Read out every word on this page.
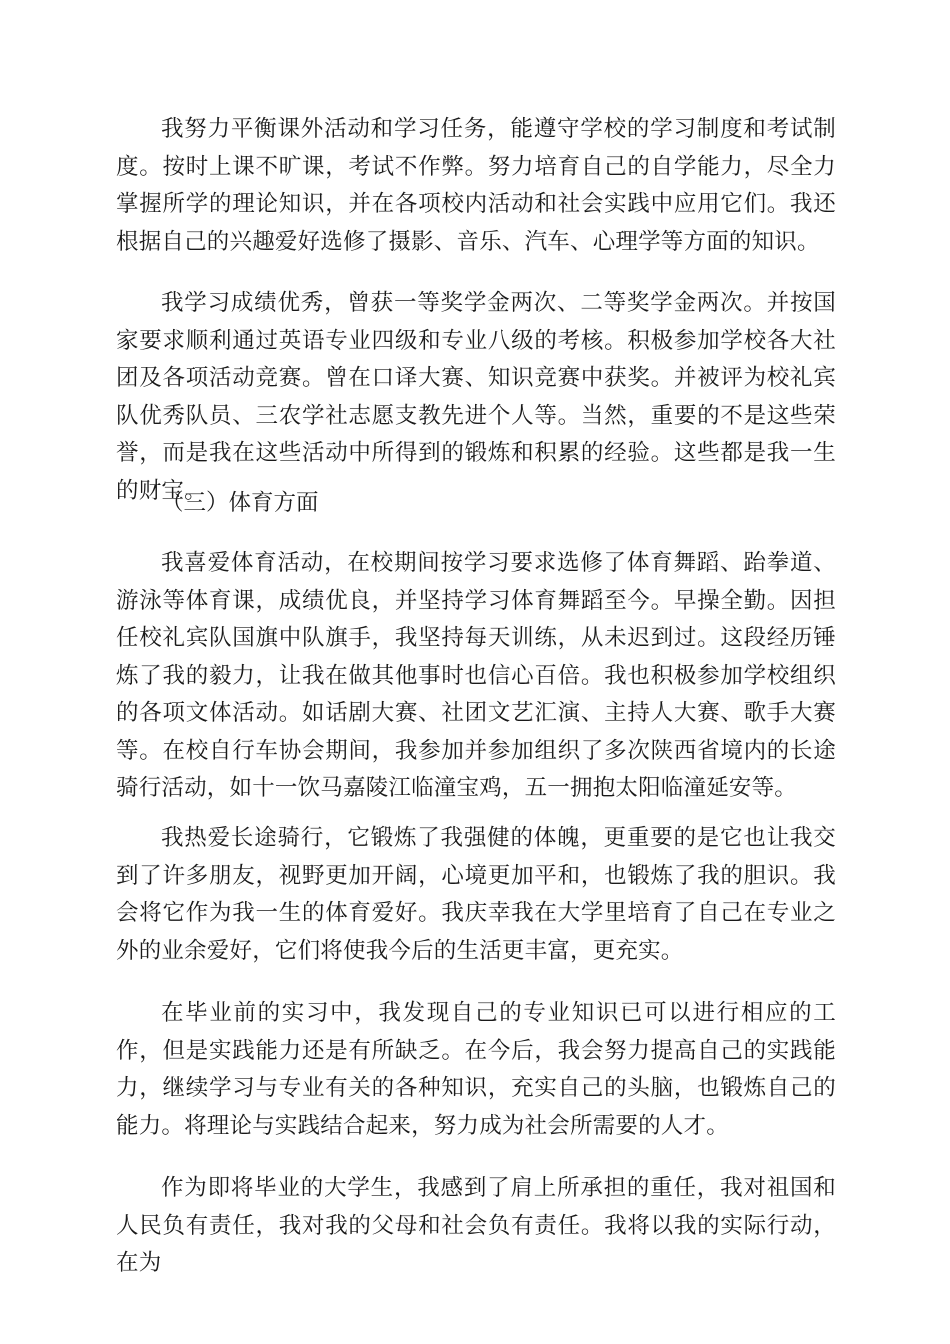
我努力平衡课外活动和学习任务，能遵守学校的学习制度和考试制度。按时上课不旷课，考试不作弊。努力培育自己的自学能力，尽全力掌握所学的理论知识，并在各项校内活动和社会实践中应用它们。我还根据自己的兴趣爱好选修了摄影、音乐、汽车、心理学等方面的知识。

我学习成绩优秀，曾获一等奖学金两次、二等奖学金两次。并按国家要求顺利通过英语专业四级和专业八级的考核。积极参加学校各大社团及各项活动竞赛。曾在口译大赛、知识竞赛中获奖。并被评为校礼宾队优秀队员、三农学社志愿支教先进个人等。当然，重要的不是这些荣誉，而是我在这些活动中所得到的锻炼和积累的经验。这些都是我一生的财宝。

（三）体育方面

我喜爱体育活动，在校期间按学习要求选修了体育舞蹈、跆拳道、游泳等体育课，成绩优良，并坚持学习体育舞蹈至今。早操全勤。因担任校礼宾队国旗中队旗手，我坚持每天训练，从未迟到过。这段经历锤炼了我的毅力，让我在做其他事时也信心百倍。我也积极参加学校组织的各项文体活动。如话剧大赛、社团文艺汇演、主持人大赛、歌手大赛等。在校自行车协会期间，我参加并参加组织了多次陕西省境内的长途骑行活动，如十一饮马嘉陵江临潼宝鸡，五一拥抱太阳临潼延安等。

我热爱长途骑行，它锻炼了我强健的体魄，更重要的是它也让我交到了许多朋友，视野更加开阔，心境更加平和，也锻炼了我的胆识。我会将它作为我一生的体育爱好。我庆幸我在大学里培育了自己在专业之外的业余爱好，它们将使我今后的生活更丰富，更充实。

在毕业前的实习中，我发现自己的专业知识已可以进行相应的工作，但是实践能力还是有所缺乏。在今后，我会努力提高自己的实践能力，继续学习与专业有关的各种知识，充实自己的头脑，也锻炼自己的能力。将理论与实践结合起来，努力成为社会所需要的人才。

作为即将毕业的大学生，我感到了肩上所承担的重任，我对祖国和人民负有责任，我对我的父母和社会负有责任。我将以我的实际行动，在为
